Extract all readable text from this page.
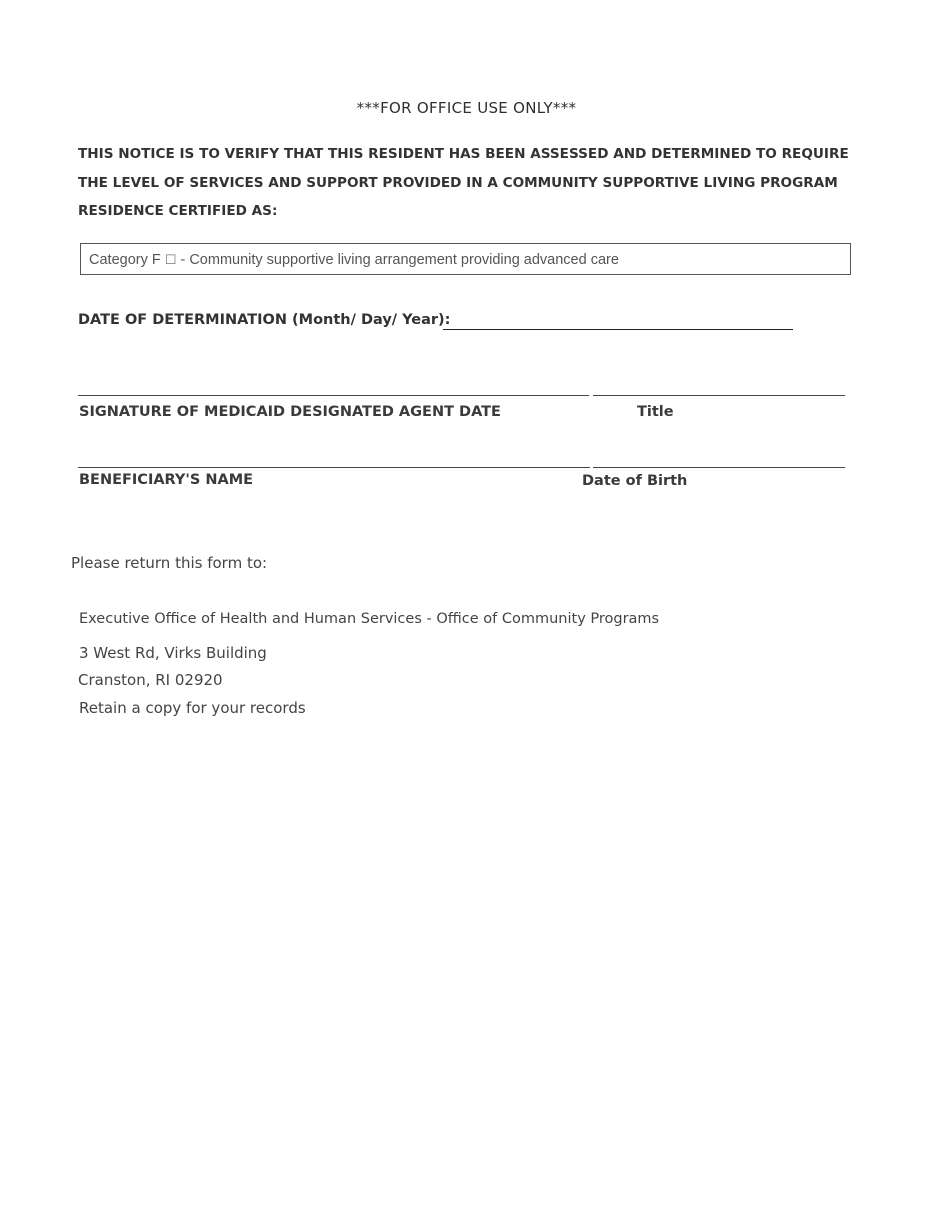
***FOR OFFICE USE ONLY***
THIS NOTICE IS TO VERIFY THAT THIS RESIDENT HAS BEEN ASSESSED AND DETERMINED TO REQUIRE THE LEVEL OF SERVICES AND SUPPORT PROVIDED IN A COMMUNITY SUPPORTIVE LIVING PROGRAM RESIDENCE CERTIFIED AS:
Category F ☐ - Community supportive living arrangement providing advanced care
DATE OF DETERMINATION (Month/ Day/ Year):
SIGNATURE OF MEDICAID DESIGNATED AGENT DATE	Title
BENEFICIARY'S NAME	Date of Birth
Please return this form to:
Executive Office of Health and Human Services - Office of Community Programs
3 West Rd, Virks Building
Cranston, RI 02920
Retain a copy for your records
